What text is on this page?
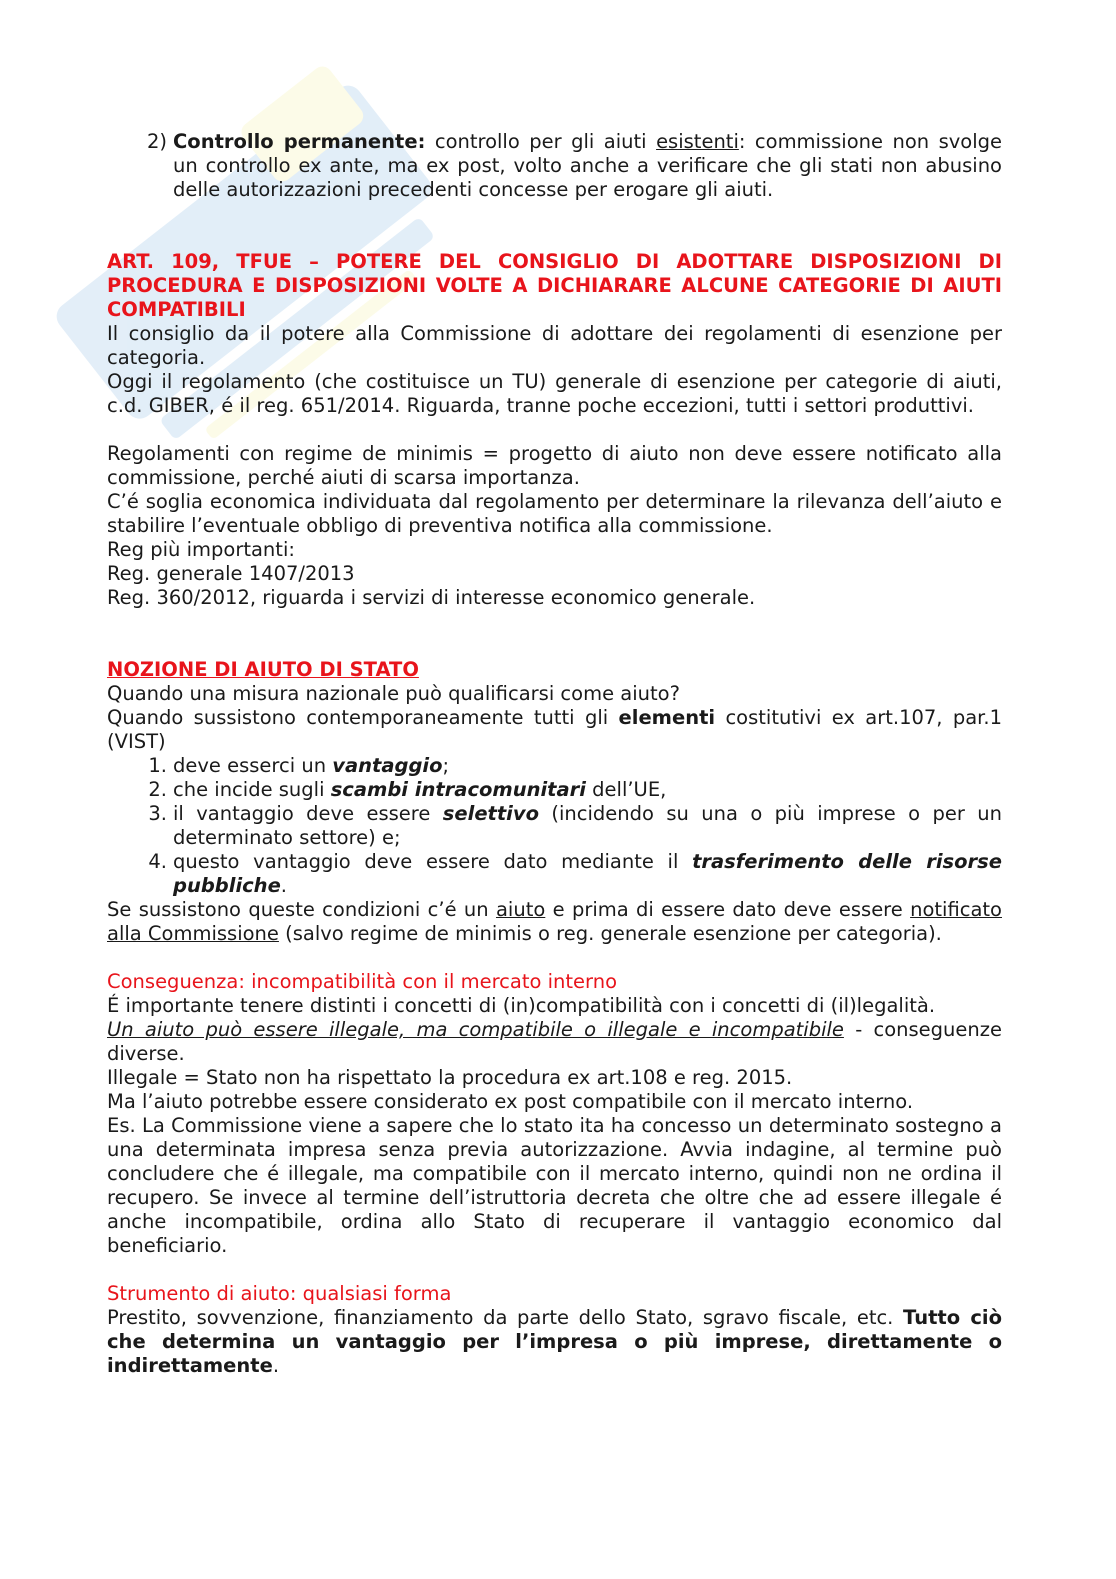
2) Controllo permanente: controllo per gli aiuti esistenti: commissione non svolge un controllo ex ante, ma ex post, volto anche a verificare che gli stati non abusino delle autorizzazioni precedenti concesse per erogare gli aiuti.

ART. 109, TFUE – POTERE DEL CONSIGLIO DI ADOTTARE DISPOSIZIONI DI PROCEDURA E DISPOSIZIONI VOLTE A DICHIARARE ALCUNE CATEGORIE DI AIUTI COMPATIBILI

Il consiglio da il potere alla Commissione di adottare dei regolamenti di esenzione per categoria.

Oggi il regolamento (che costituisce un TU) generale di esenzione per categorie di aiuti, c.d. GIBER, é il reg. 651/2014. Riguarda, tranne poche eccezioni, tutti i settori produttivi.

Regolamenti con regime de minimis = progetto di aiuto non deve essere notificato alla commissione, perché aiuti di scarsa importanza.

C’é soglia economica individuata dal regolamento per determinare la rilevanza dell’aiuto e stabilire l’eventuale obbligo di preventiva notifica alla commissione.

Reg più importanti:

Reg. generale 1407/2013

Reg. 360/2012, riguarda i servizi di interesse economico generale.

NOZIONE DI AIUTO DI STATO

Quando una misura nazionale può qualificarsi come aiuto?

Quando sussistono contemporaneamente tutti gli elementi costitutivi ex art.107, par.1 (VIST)

1. deve esserci un vantaggio;

2. che incide sugli scambi intracomunitari dell’UE,

3. il vantaggio deve essere selettivo (incidendo su una o più imprese o per un determinato settore) e;

4. questo vantaggio deve essere dato mediante il trasferimento delle risorse pubbliche.

Se sussistono queste condizioni c’é un aiuto e prima di essere dato deve essere notificato alla Commissione (salvo regime de minimis o reg. generale esenzione per categoria).

Conseguenza: incompatibilità con il mercato interno

É importante tenere distinti i concetti di (in)compatibilità con i concetti di (il)legalità.

Un aiuto può essere illegale, ma compatibile o illegale e incompatibile - conseguenze diverse.

Illegale = Stato non ha rispettato la procedura ex art.108 e reg. 2015.

Ma l’aiuto potrebbe essere considerato ex post compatibile con il mercato interno.

Es. La Commissione viene a sapere che lo stato ita ha concesso un determinato sostegno a una determinata impresa senza previa autorizzazione. Avvia indagine, al termine può concludere che é illegale, ma compatibile con il mercato interno, quindi non ne ordina il recupero. Se invece al termine dell’istruttoria decreta che oltre che ad essere illegale é anche incompatibile, ordina allo Stato di recuperare il vantaggio economico dal beneficiario.

Strumento di aiuto: qualsiasi forma

Prestito, sovvenzione, finanziamento da parte dello Stato, sgravo fiscale, etc. Tutto ciò che determina un vantaggio per l’impresa o più imprese, direttamente o indirettamente.
